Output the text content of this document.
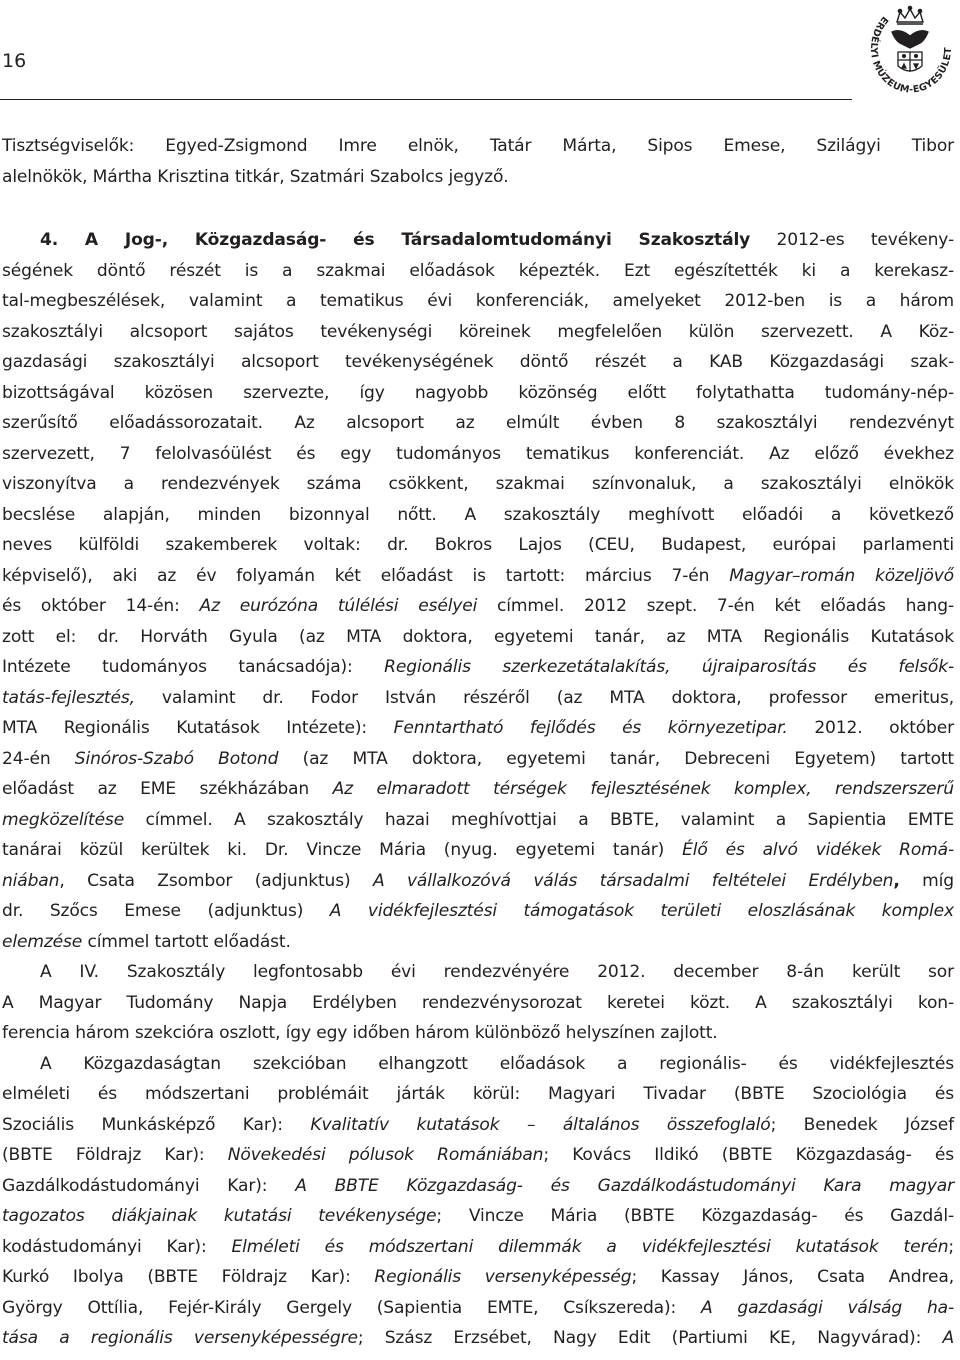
16
ERDÉLYI MÚZEUM-EGYESÜLET
Tisztségviselők: Egyed-Zsigmond Imre elnök, Tatár Márta, Sipos Emese, Szilágyi Tibor
alelnökök, Mártha Krisztina titkár, Szatmári Szabolcs jegyző.
4. A Jog-, Közgazdaság- és Társadalomtudományi Szakosztály 2012-es tevékeny-
ségének döntő részét is a szakmai előadások képezték. Ezt egészítették ki a kerekasz-
tal-megbeszélések, valamint a tematikus évi konferenciák, amelyeket 2012-ben is a három
szakosztályi alcsoport sajátos tevékenységi köreinek megfelelően külön szervezett. A Köz-
gazdasági szakosztályi alcsoport tevékenységének döntő részét a KAB Közgazdasági szak-
bizottságával közösen szervezte, így nagyobb közönség előtt folytathatta tudomány-nép-
szerűsítő előadássorozatait. Az alcsoport az elmúlt évben 8 szakosztályi rendezvényt
szervezett, 7 felolvasóülést és egy tudományos tematikus konferenciát. Az előző évekhez
viszonyítva a rendezvények száma csökkent, szakmai színvonaluk, a szakosztályi elnökök
becslése alapján, minden bizonnyal nőtt. A szakosztály meghívott előadói a következő
neves külföldi szakemberek voltak: dr. Bokros Lajos (CEU, Budapest, európai parlamenti
képviselő), aki az év folyamán két előadást is tartott: március 7-én Magyar–román közeljövő
és október 14-én: Az eurózóna túlélési esélyei címmel. 2012 szept. 7-én két előadás hang-
zott el: dr. Horváth Gyula (az MTA doktora, egyetemi tanár, az MTA Regionális Kutatások
Intézete tudományos tanácsadója): Regionális szerkezetátalakítás, újraiparosítás és felsők-
tatás-fejlesztés, valamint dr. Fodor István részéről (az MTA doktora, professor emeritus,
MTA Regionális Kutatások Intézete): Fenntartható fejlődés és környezetipar. 2012. október
24-én Sinóros-Szabó Botond (az MTA doktora, egyetemi tanár, Debreceni Egyetem) tartott
előadást az EME székházában Az elmaradott térségek fejlesztésének komplex, rendszerszerű
megközelítése címmel. A szakosztály hazai meghívottjai a BBTE, valamint a Sapientia EMTE
tanárai közül kerültek ki. Dr. Vincze Mária (nyug. egyetemi tanár) Élő és alvó vidékek Romá-
niában, Csata Zsombor (adjunktus) A vállalkozóvá válás társadalmi feltételei Erdélyben, míg
dr. Szőcs Emese (adjunktus) A vidékfejlesztési támogatások területi eloszlásának komplex
elemzése címmel tartott előadást.
A IV. Szakosztály legfontosabb évi rendezvényére 2012. december 8-án került sor
A Magyar Tudomány Napja Erdélyben rendezvénysorozat keretei közt. A szakosztályi kon-
ferencia három szekcióra oszlott, így egy időben három különböző helyszínen zajlott.
A Közgazdaságtan szekcióban elhangzott előadások a regionális- és vidékfejlesztés
elméleti és módszertani problémáit járták körül: Magyari Tivadar (BBTE Szociológia és
Szociális Munkásképző Kar): Kvalitatív kutatások – általános összefoglaló; Benedek József
(BBTE Földrajz Kar): Növekedési pólusok Romániában; Kovács Ildikó (BBTE Közgazdaság- és
Gazdálkodástudományi Kar): A BBTE Közgazdaság- és Gazdálkodástudományi Kara magyar
tagozatos diákjainak kutatási tevékenysége; Vincze Mária (BBTE Közgazdaság- és Gazdál-
kodástudományi Kar): Elméleti és módszertani dilemmák a vidékfejlesztési kutatások terén;
Kurkó Ibolya (BBTE Földrajz Kar): Regionális versenyképesség; Kassay János, Csata Andrea,
György Ottília, Fejér-Király Gergely (Sapientia EMTE, Csíkszereda): A gazdasági válság ha-
tása a regionális versenyképességre; Szász Erzsébet, Nagy Edit (Partiumi KE, Nagyvárad): A
